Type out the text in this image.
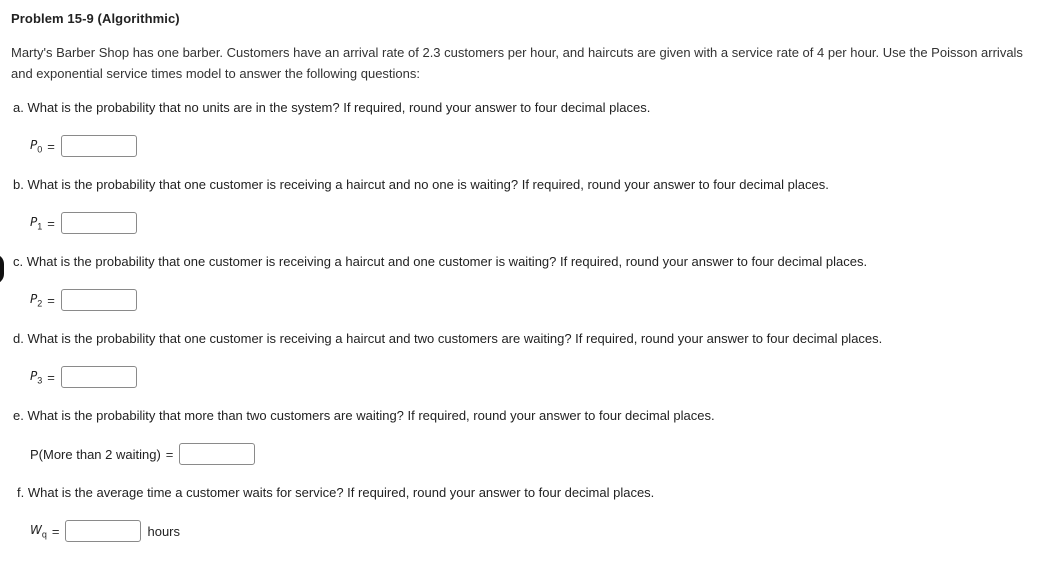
Problem 15-9 (Algorithmic)
Marty's Barber Shop has one barber. Customers have an arrival rate of 2.3 customers per hour, and haircuts are given with a service rate of 4 per hour. Use the Poisson arrivals and exponential service times model to answer the following questions:
a. What is the probability that no units are in the system? If required, round your answer to four decimal places.
$P_0$ =
b. What is the probability that one customer is receiving a haircut and no one is waiting? If required, round your answer to four decimal places.
$P_1$ =
c. What is the probability that one customer is receiving a haircut and one customer is waiting? If required, round your answer to four decimal places.
$P_2$ =
d. What is the probability that one customer is receiving a haircut and two customers are waiting? If required, round your answer to four decimal places.
$P_3$ =
e. What is the probability that more than two customers are waiting? If required, round your answer to four decimal places.
P(More than 2 waiting) =
f. What is the average time a customer waits for service? If required, round your answer to four decimal places.
$W_q$ =	hours
